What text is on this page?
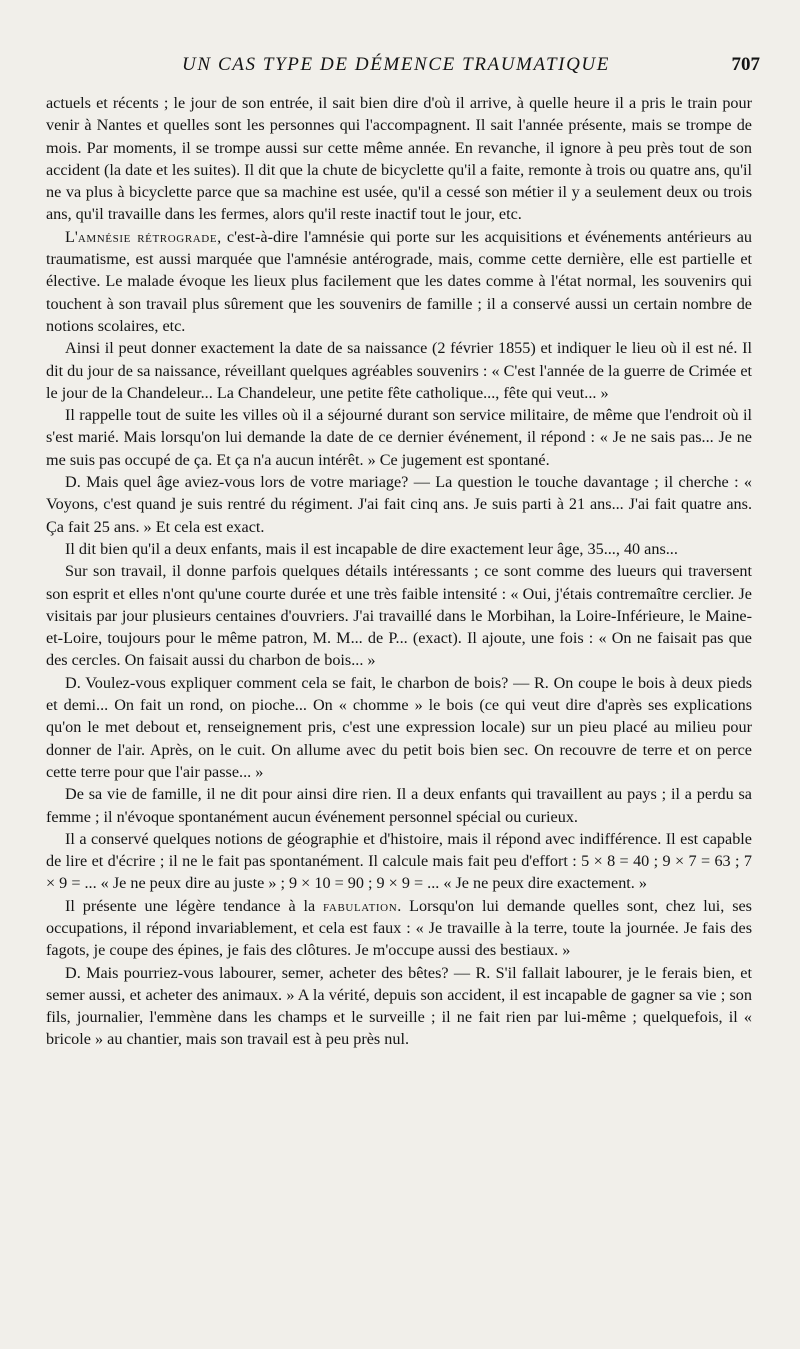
UN CAS TYPE DE DÉMENCE TRAUMATIQUE	707

actuels et récents ; le jour de son entrée, il sait bien dire d'où il arrive, à quelle heure il a pris le train pour venir à Nantes et quelles sont les personnes qui l'accompagnent. Il sait l'année présente, mais se trompe de mois. Par moments, il se trompe aussi sur cette même année. En revanche, il ignore à peu près tout de son accident (la date et les suites). Il dit que la chute de bicyclette qu'il a faite, remonte à trois ou quatre ans, qu'il ne va plus à bicyclette parce que sa machine est usée, qu'il a cessé son métier il y a seulement deux ou trois ans, qu'il travaille dans les fermes, alors qu'il reste inactif tout le jour, etc.

L'amnésie rétrograde, c'est-à-dire l'amnésie qui porte sur les acquisitions et événements antérieurs au traumatisme, est aussi marquée que l'amnésie antérograde, mais, comme cette dernière, elle est partielle et élective. Le malade évoque les lieux plus facilement que les dates comme à l'état normal, les souvenirs qui touchent à son travail plus sûrement que les souvenirs de famille ; il a conservé aussi un certain nombre de notions scolaires, etc.

Ainsi il peut donner exactement la date de sa naissance (2 février 1855) et indiquer le lieu où il est né. Il dit du jour de sa naissance, réveillant quelques agréables souvenirs : « C'est l'année de la guerre de Crimée et le jour de la Chandeleur... La Chandeleur, une petite fête catholique..., fête qui veut... »

Il rappelle tout de suite les villes où il a séjourné durant son service militaire, de même que l'endroit où il s'est marié. Mais lorsqu'on lui demande la date de ce dernier événement, il répond : « Je ne sais pas... Je ne me suis pas occupé de ça. Et ça n'a aucun intérêt. » Ce jugement est spontané.

D. Mais quel âge aviez-vous lors de votre mariage? — La question le touche davantage ; il cherche : « Voyons, c'est quand je suis rentré du régiment. J'ai fait cinq ans. Je suis parti à 21 ans... J'ai fait quatre ans. Ça fait 25 ans. » Et cela est exact.

Il dit bien qu'il a deux enfants, mais il est incapable de dire exactement leur âge, 35..., 40 ans...

Sur son travail, il donne parfois quelques détails intéressants ; ce sont comme des lueurs qui traversent son esprit et elles n'ont qu'une courte durée et une très faible intensité : « Oui, j'étais contremaître cerclier. Je visitais par jour plusieurs centaines d'ouvriers. J'ai travaillé dans le Morbihan, la Loire-Inférieure, le Maine-et-Loire, toujours pour le même patron, M. M... de P... (exact). Il ajoute, une fois : « On ne faisait pas que des cercles. On faisait aussi du charbon de bois... »

D. Voulez-vous expliquer comment cela se fait, le charbon de bois? — R. On coupe le bois à deux pieds et demi... On fait un rond, on pioche... On « chomme » le bois (ce qui veut dire d'après ses explications qu'on le met debout et, renseignement pris, c'est une expression locale) sur un pieu placé au milieu pour donner de l'air. Après, on le cuit. On allume avec du petit bois bien sec. On recouvre de terre et on perce cette terre pour que l'air passe... »

De sa vie de famille, il ne dit pour ainsi dire rien. Il a deux enfants qui travaillent au pays ; il a perdu sa femme ; il n'évoque spontanément aucun événement personnel spécial ou curieux.

Il a conservé quelques notions de géographie et d'histoire, mais il répond avec indifférence. Il est capable de lire et d'écrire ; il ne le fait pas spontanément. Il calcule mais fait peu d'effort : 5 × 8 = 40 ; 9 × 7 = 63 ; 7 × 9 = ... « Je ne peux dire au juste » ; 9 × 10 = 90 ; 9 × 9 = ... « Je ne peux dire exactement. »

Il présente une légère tendance à la fabulation. Lorsqu'on lui demande quelles sont, chez lui, ses occupations, il répond invariablement, et cela est faux : « Je travaille à la terre, toute la journée. Je fais des fagots, je coupe des épines, je fais des clôtures. Je m'occupe aussi des bestiaux. »

D. Mais pourriez-vous labourer, semer, acheter des bêtes? — R. S'il fallait labourer, je le ferais bien, et semer aussi, et acheter des animaux. » A la vérité, depuis son accident, il est incapable de gagner sa vie ; son fils, journalier, l'emmène dans les champs et le surveille ; il ne fait rien par lui-même ; quelquefois, il « bricole » au chantier, mais son travail est à peu près nul.
